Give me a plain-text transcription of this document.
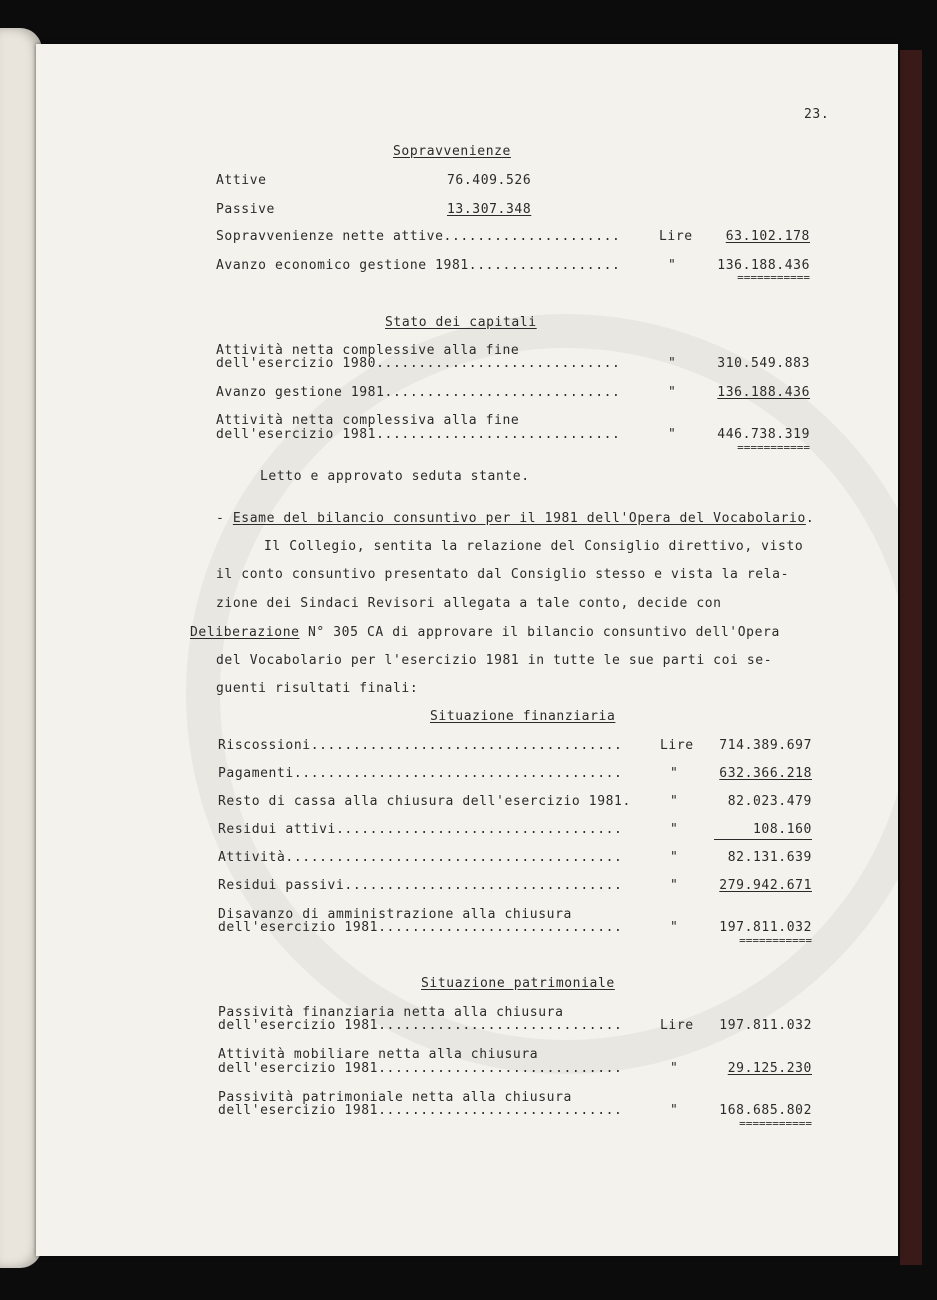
23.
Sopravvenienze
Attive	76.409.526
Passive	13.307.348
Sopravvenienze nette attive.....................	Lire	63.102.178
Avanzo economico gestione 1981..................	"	136.188.436
===========
Stato dei capitali
Attività netta complessive alla fine
dell'esercizio 1980.............................	"	310.549.883
Avanzo gestione 1981............................	"	136.188.436
Attività netta complessiva alla fine
dell'esercizio 1981.............................	"	446.738.319
===========
Letto e approvato seduta stante.
- Esame del bilancio consuntivo per il 1981 dell'Opera del Vocabolario.
Il Collegio, sentita la relazione del Consiglio direttivo, visto
il conto consuntivo presentato dal Consiglio stesso e vista la rela-
zione dei Sindaci Revisori allegata a tale conto, decide con
Deliberazione N° 305 CA di approvare il bilancio consuntivo dell'Opera
del Vocabolario per l'esercizio 1981 in tutte le sue parti coi se-
guenti risultati finali:
Situazione finanziaria
Riscossioni.....................................	Lire	714.389.697
Pagamenti.......................................	"	632.366.218
Resto di cassa alla chiusura dell'esercizio 1981.	"	82.023.479
Residui attivi..................................	"	108.160
Attività........................................	"	82.131.639
Residui passivi.................................	"	279.942.671
Disavanzo di amministrazione alla chiusura
dell'esercizio 1981.............................	"	197.811.032
===========
Situazione patrimoniale
Passività finanziaria netta alla chiusura
dell'esercizio 1981.............................	Lire	197.811.032
Attività mobiliare netta alla chiusura
dell'esercizio 1981.............................	"	29.125.230
Passività patrimoniale netta alla chiusura
dell'esercizio 1981.............................	"	168.685.802
===========
